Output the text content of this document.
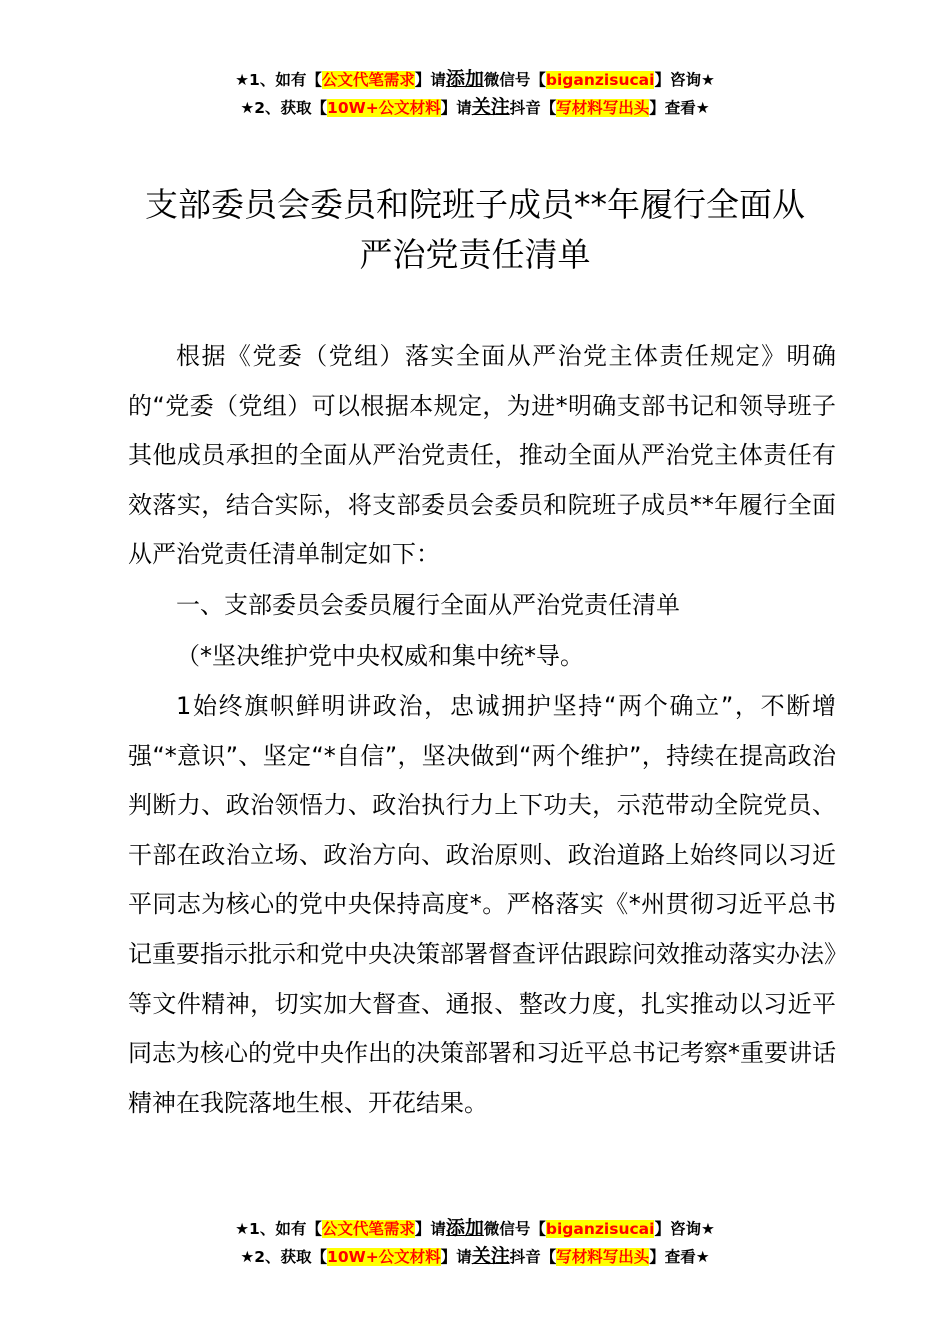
★1、如有【公文代笔需求】请添加微信号【biganzisucai】咨询★
★2、获取【10W+公文材料】请关注抖音【写材料写出头】查看★
支部委员会委员和院班子成员**年履行全面从
严治党责任清单

根据《党委（党组）落实全面从严治党主体责任规定》明确的“党委（党组）可以根据本规定，为进*明确支部书记和领导班子其他成员承担的全面从严治党责任，推动全面从严治党主体责任有效落实，结合实际，将支部委员会委员和院班子成员**年履行全面从严治党责任清单制定如下：

一、支部委员会委员履行全面从严治党责任清单

（*坚决维护党中央权威和集中统*导。

1始终旗帜鲜明讲政治，忠诚拥护坚持“两个确立”，不断增强“*意识”、坚定“*自信”，坚决做到“两个维护”，持续在提高政治判断力、政治领悟力、政治执行力上下功夫，示范带动全院党员、干部在政治立场、政治方向、政治原则、政治道路上始终同以习近平同志为核心的党中央保持高度*。严格落实《*州贯彻习近平总书记重要指示批示和党中央决策部署督查评估跟踪问效推动落实办法》等文件精神，切实加大督查、通报、整改力度，扎实推动以习近平同志为核心的党中央作出的决策部署和习近平总书记考察*重要讲话精神在我院落地生根、开花结果。

★1、如有【公文代笔需求】请添加微信号【biganzisucai】咨询★
★2、获取【10W+公文材料】请关注抖音【写材料写出头】查看★
